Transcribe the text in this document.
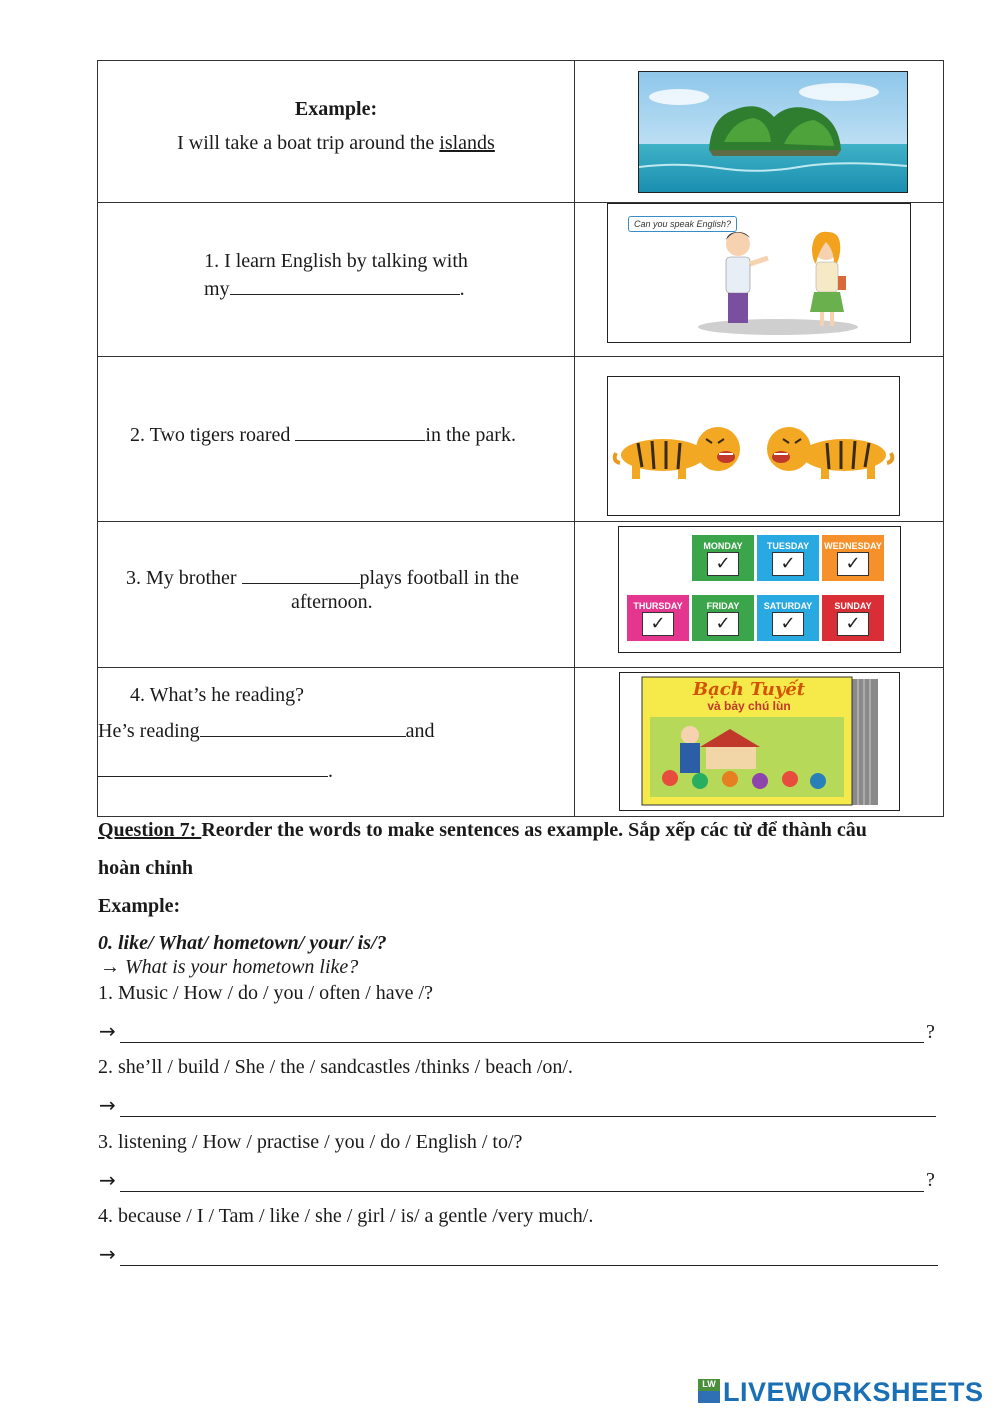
Example:
I will take a boat trip around the islands
1. I learn English by talking with
my	.
Can you speak English?
2. Two tigers roared	in the park.
3. My brother	plays football in the
afternoon.
MONDAY
✓
TUESDAY
✓
WEDNESDAY
✓
THURSDAY
✓
FRIDAY
✓
SATURDAY
✓
SUNDAY
✓
4. What’s he reading?
He’s reading	and
.
Bạch Tuyết
và bảy chú lùn
Question 7: Reorder the words to make sentences as example. Sắp xếp các từ để thành câu
hoàn chỉnh
Example:
0. like/ What/ hometown/ your/ is/?
→ What is your hometown like?
1. Music / How / do / you / often / have /?
→	?
2. she’ll / build / She / the / sandcastles /thinks / beach /on/.
→
3. listening / How / practise / you / do / English / to/?
→	?
4. because / I / Tam / like / she / girl / is/ a gentle /very much/.
→
LW LIVEWORKSHEETS
